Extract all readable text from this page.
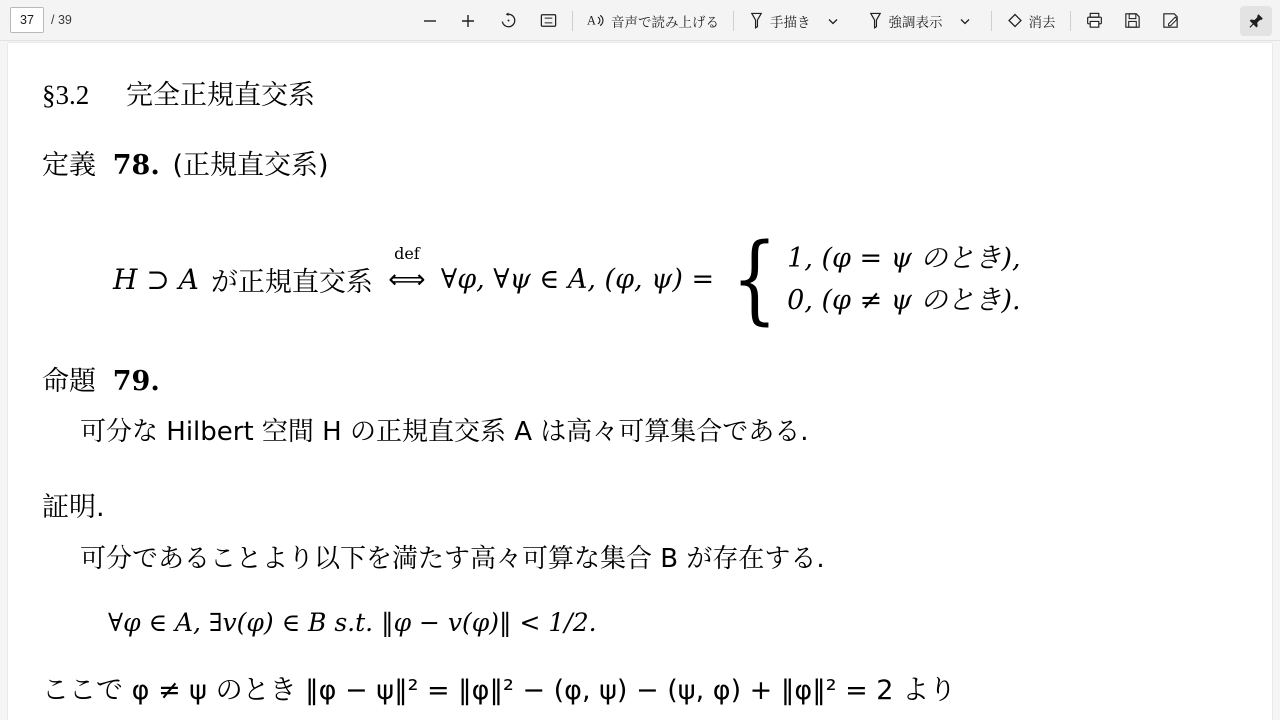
37 / 39	A 音声で読み上げる	手描き	強調表示	消去
§3.2 完全正規直交系
定義 78. (正規直交系)
H ⊃ A が正規直交系
def
⟺ ∀φ, ∀ψ ∈ A, (φ, ψ) = { 1, (φ = ψ のとき),
0, (φ ≠ ψ のとき).
命題 79.
可分な Hilbert 空間 H の正規直交系 A は高々可算集合である.
証明.
可分であることより以下を満たす高々可算な集合 B が存在する.
∀φ ∈ A, ∃v(φ) ∈ B s.t. ‖φ − v(φ)‖ < 1/2.
ここで φ ≠ ψ のとき ‖φ − ψ‖² = ‖φ‖² − (φ, ψ) − (ψ, φ) + ‖φ‖² = 2 より
